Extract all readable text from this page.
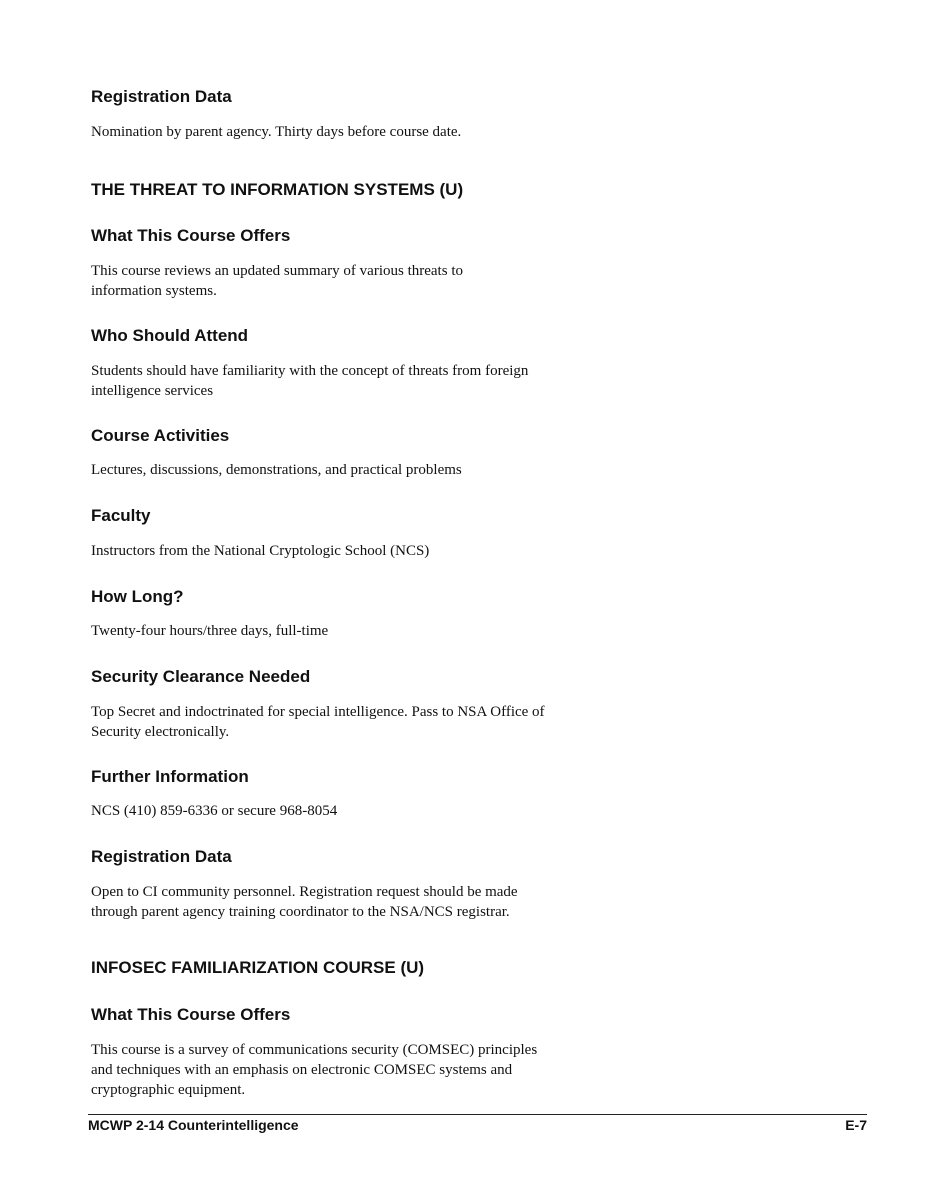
Registration Data
Nomination by parent agency. Thirty days before course date.
THE THREAT TO INFORMATION SYSTEMS (U)
What This Course Offers
This course reviews an updated summary of various threats to
information systems.
Who Should Attend
Students should have familiarity with the concept of threats from foreign
intelligence services
Course Activities
Lectures, discussions, demonstrations, and practical problems
Faculty
Instructors from the National Cryptologic School (NCS)
How Long?
Twenty-four hours/three days, full-time
Security Clearance Needed
Top Secret and indoctrinated for special intelligence. Pass to NSA Office of
Security electronically.
Further Information
NCS (410) 859-6336 or secure 968-8054
Registration Data
Open to CI community personnel. Registration request should be made
through parent agency training coordinator to the NSA/NCS registrar.
INFOSEC FAMILIARIZATION COURSE (U)
What This Course Offers
This course is a survey of communications security (COMSEC) principles
and techniques with an emphasis on electronic COMSEC systems and
cryptographic equipment.
MCWP 2-14 Counterintelligence	E-7
